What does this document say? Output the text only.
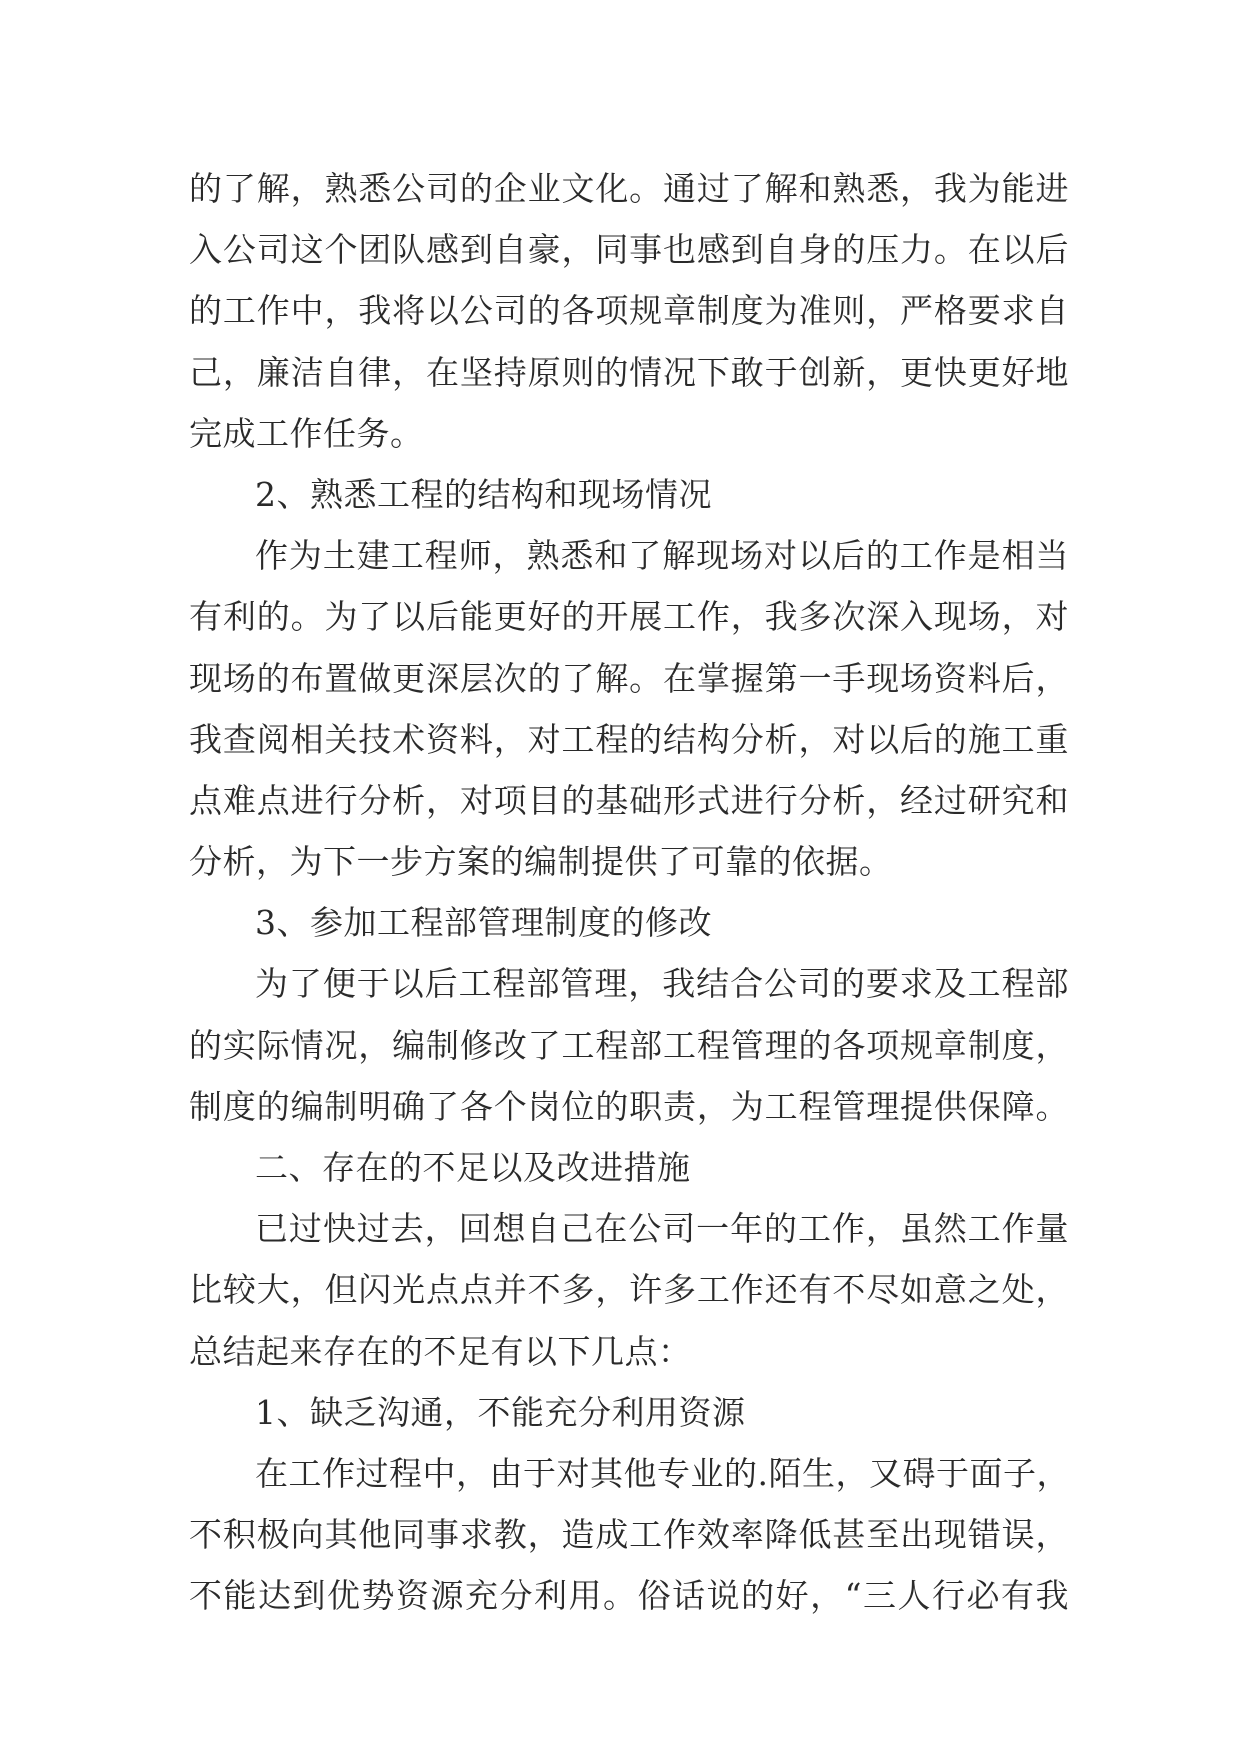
的了解，熟悉公司的企业文化。通过了解和熟悉，我为能进
入公司这个团队感到自豪，同事也感到自身的压力。在以后
的工作中，我将以公司的各项规章制度为准则，严格要求自
己，廉洁自律，在坚持原则的情况下敢于创新，更快更好地
完成工作任务。
2、熟悉工程的结构和现场情况
作为土建工程师，熟悉和了解现场对以后的工作是相当
有利的。为了以后能更好的开展工作，我多次深入现场，对
现场的布置做更深层次的了解。在掌握第一手现场资料后，
我查阅相关技术资料，对工程的结构分析，对以后的施工重
点难点进行分析，对项目的基础形式进行分析，经过研究和
分析，为下一步方案的编制提供了可靠的依据。
3、参加工程部管理制度的修改
为了便于以后工程部管理，我结合公司的要求及工程部
的实际情况，编制修改了工程部工程管理的各项规章制度，
制度的编制明确了各个岗位的职责，为工程管理提供保障。
二、存在的不足以及改进措施
已过快过去，回想自己在公司一年的工作，虽然工作量
比较大，但闪光点点并不多，许多工作还有不尽如意之处，
总结起来存在的不足有以下几点：
1、缺乏沟通，不能充分利用资源
在工作过程中，由于对其他专业的.陌生，又碍于面子，
不积极向其他同事求教，造成工作效率降低甚至出现错误，
不能达到优势资源充分利用。俗话说的好，“三人行必有我
